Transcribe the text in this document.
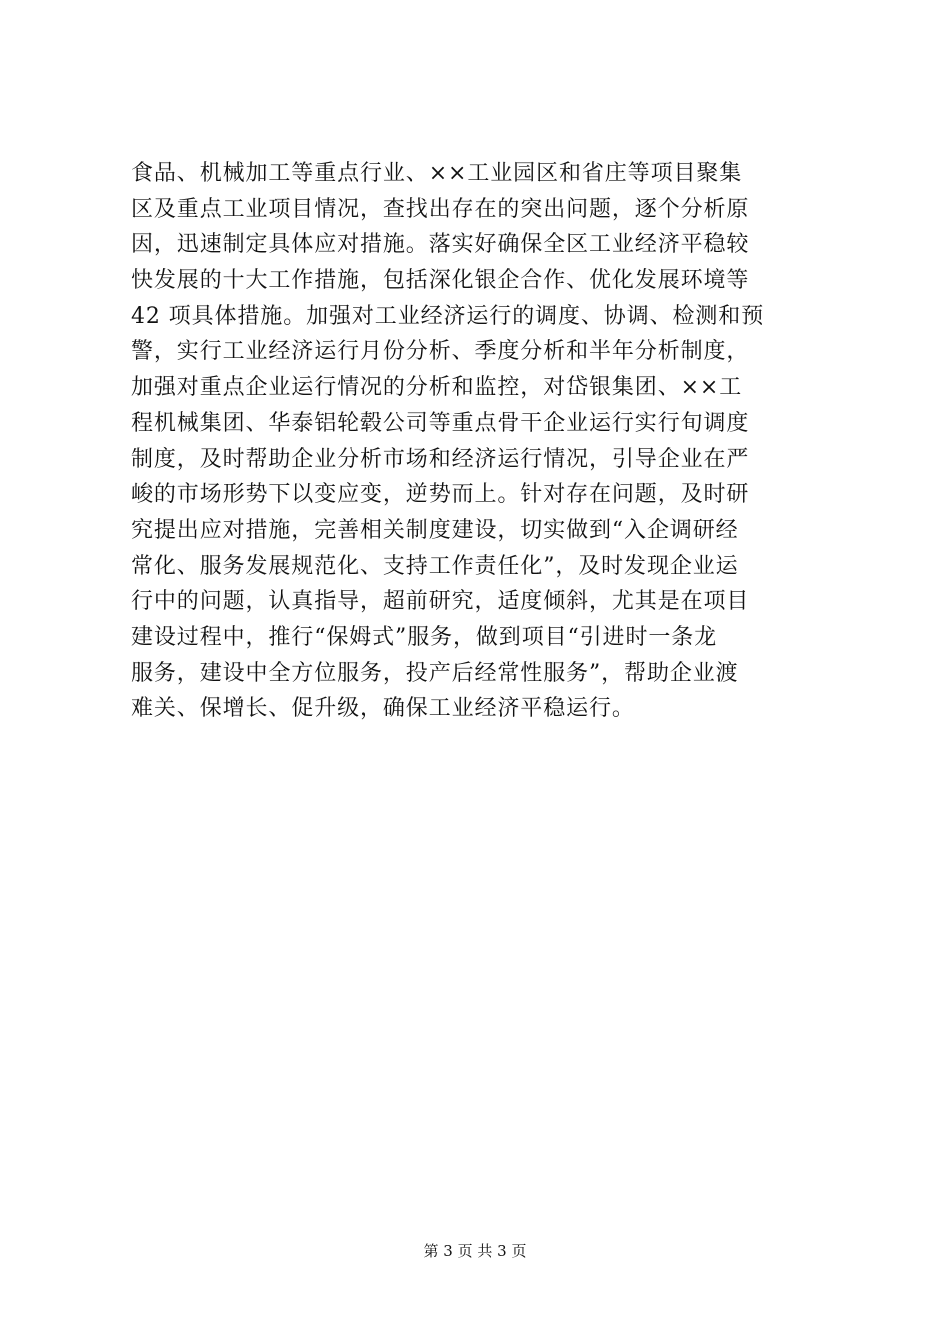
食品、机械加工等重点行业、××工业园区和省庄等项目聚集
区及重点工业项目情况，查找出存在的突出问题，逐个分析原
因，迅速制定具体应对措施。落实好确保全区工业经济平稳较
快发展的十大工作措施，包括深化银企合作、优化发展环境等
42 项具体措施。加强对工业经济运行的调度、协调、检测和预
警，实行工业经济运行月份分析、季度分析和半年分析制度，
加强对重点企业运行情况的分析和监控，对岱银集团、××工
程机械集团、华泰铝轮毂公司等重点骨干企业运行实行旬调度
制度，及时帮助企业分析市场和经济运行情况，引导企业在严
峻的市场形势下以变应变，逆势而上。针对存在问题，及时研
究提出应对措施，完善相关制度建设，切实做到“入企调研经
常化、服务发展规范化、支持工作责任化”，及时发现企业运
行中的问题，认真指导，超前研究，适度倾斜，尤其是在项目
建设过程中，推行“保姆式”服务，做到项目“引进时一条龙
服务，建设中全方位服务，投产后经常性服务”，帮助企业渡
难关、保增长、促升级，确保工业经济平稳运行。
第 3 页 共 3 页
